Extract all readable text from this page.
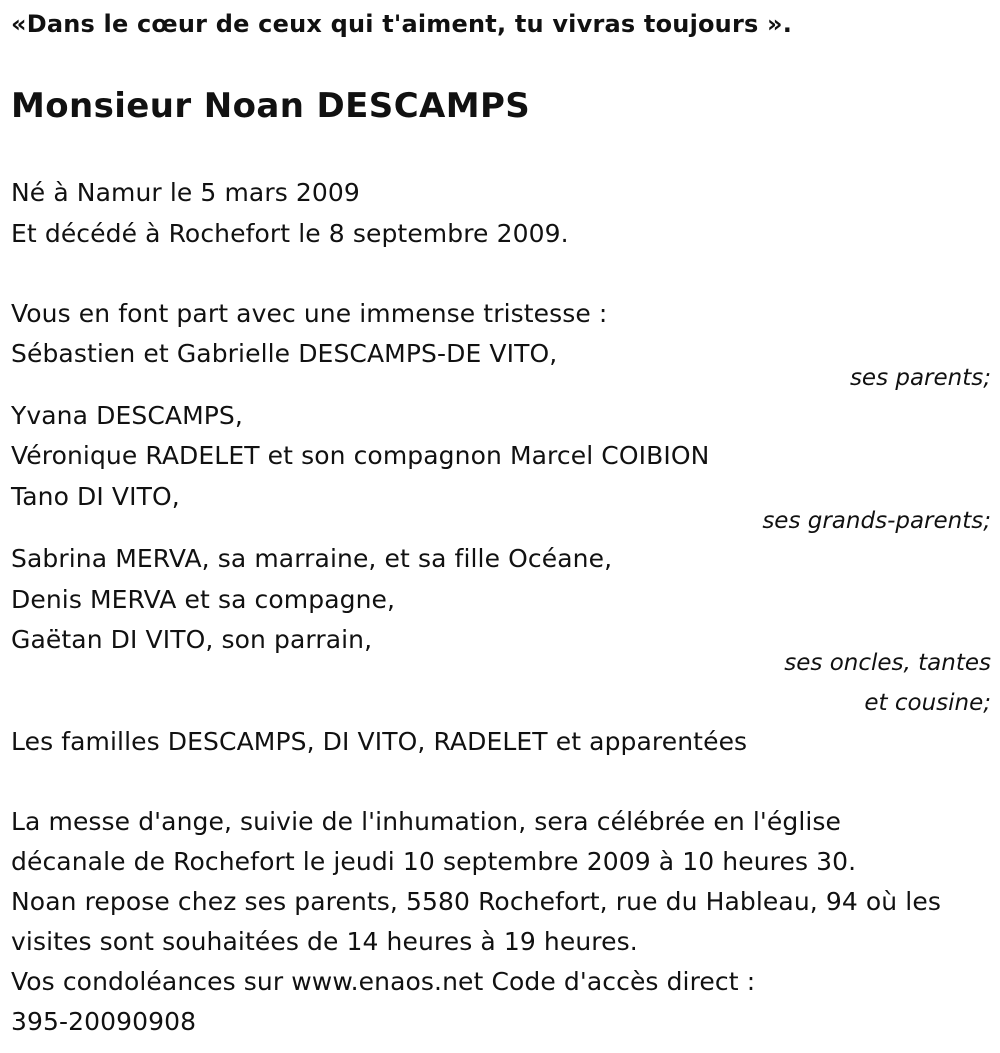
«Dans le cœur de ceux qui t'aiment, tu vivras toujours ».
Monsieur Noan DESCAMPS
Né à Namur le 5 mars 2009
Et décédé à Rochefort le 8 septembre 2009.
Vous en font part avec une immense tristesse :
Sébastien et Gabrielle DESCAMPS-DE VITO,
ses parents;
Yvana DESCAMPS,
Véronique RADELET et son compagnon Marcel COIBION
Tano DI VITO,
ses grands-parents;
Sabrina MERVA, sa marraine, et sa fille Océane,
Denis MERVA et sa compagne,
Gaëtan DI VITO, son parrain,
ses oncles, tantes
et cousine;
Les familles DESCAMPS, DI VITO, RADELET et apparentées
La messe d'ange, suivie de l'inhumation, sera célébrée en l'église
décanale de Rochefort le jeudi 10 septembre 2009 à 10 heures 30.
Noan repose chez ses parents, 5580 Rochefort, rue du Hableau, 94 où les
visites sont souhaitées de 14 heures à 19 heures.
Vos condoléances sur www.enaos.net Code d'accès direct :
395-20090908
